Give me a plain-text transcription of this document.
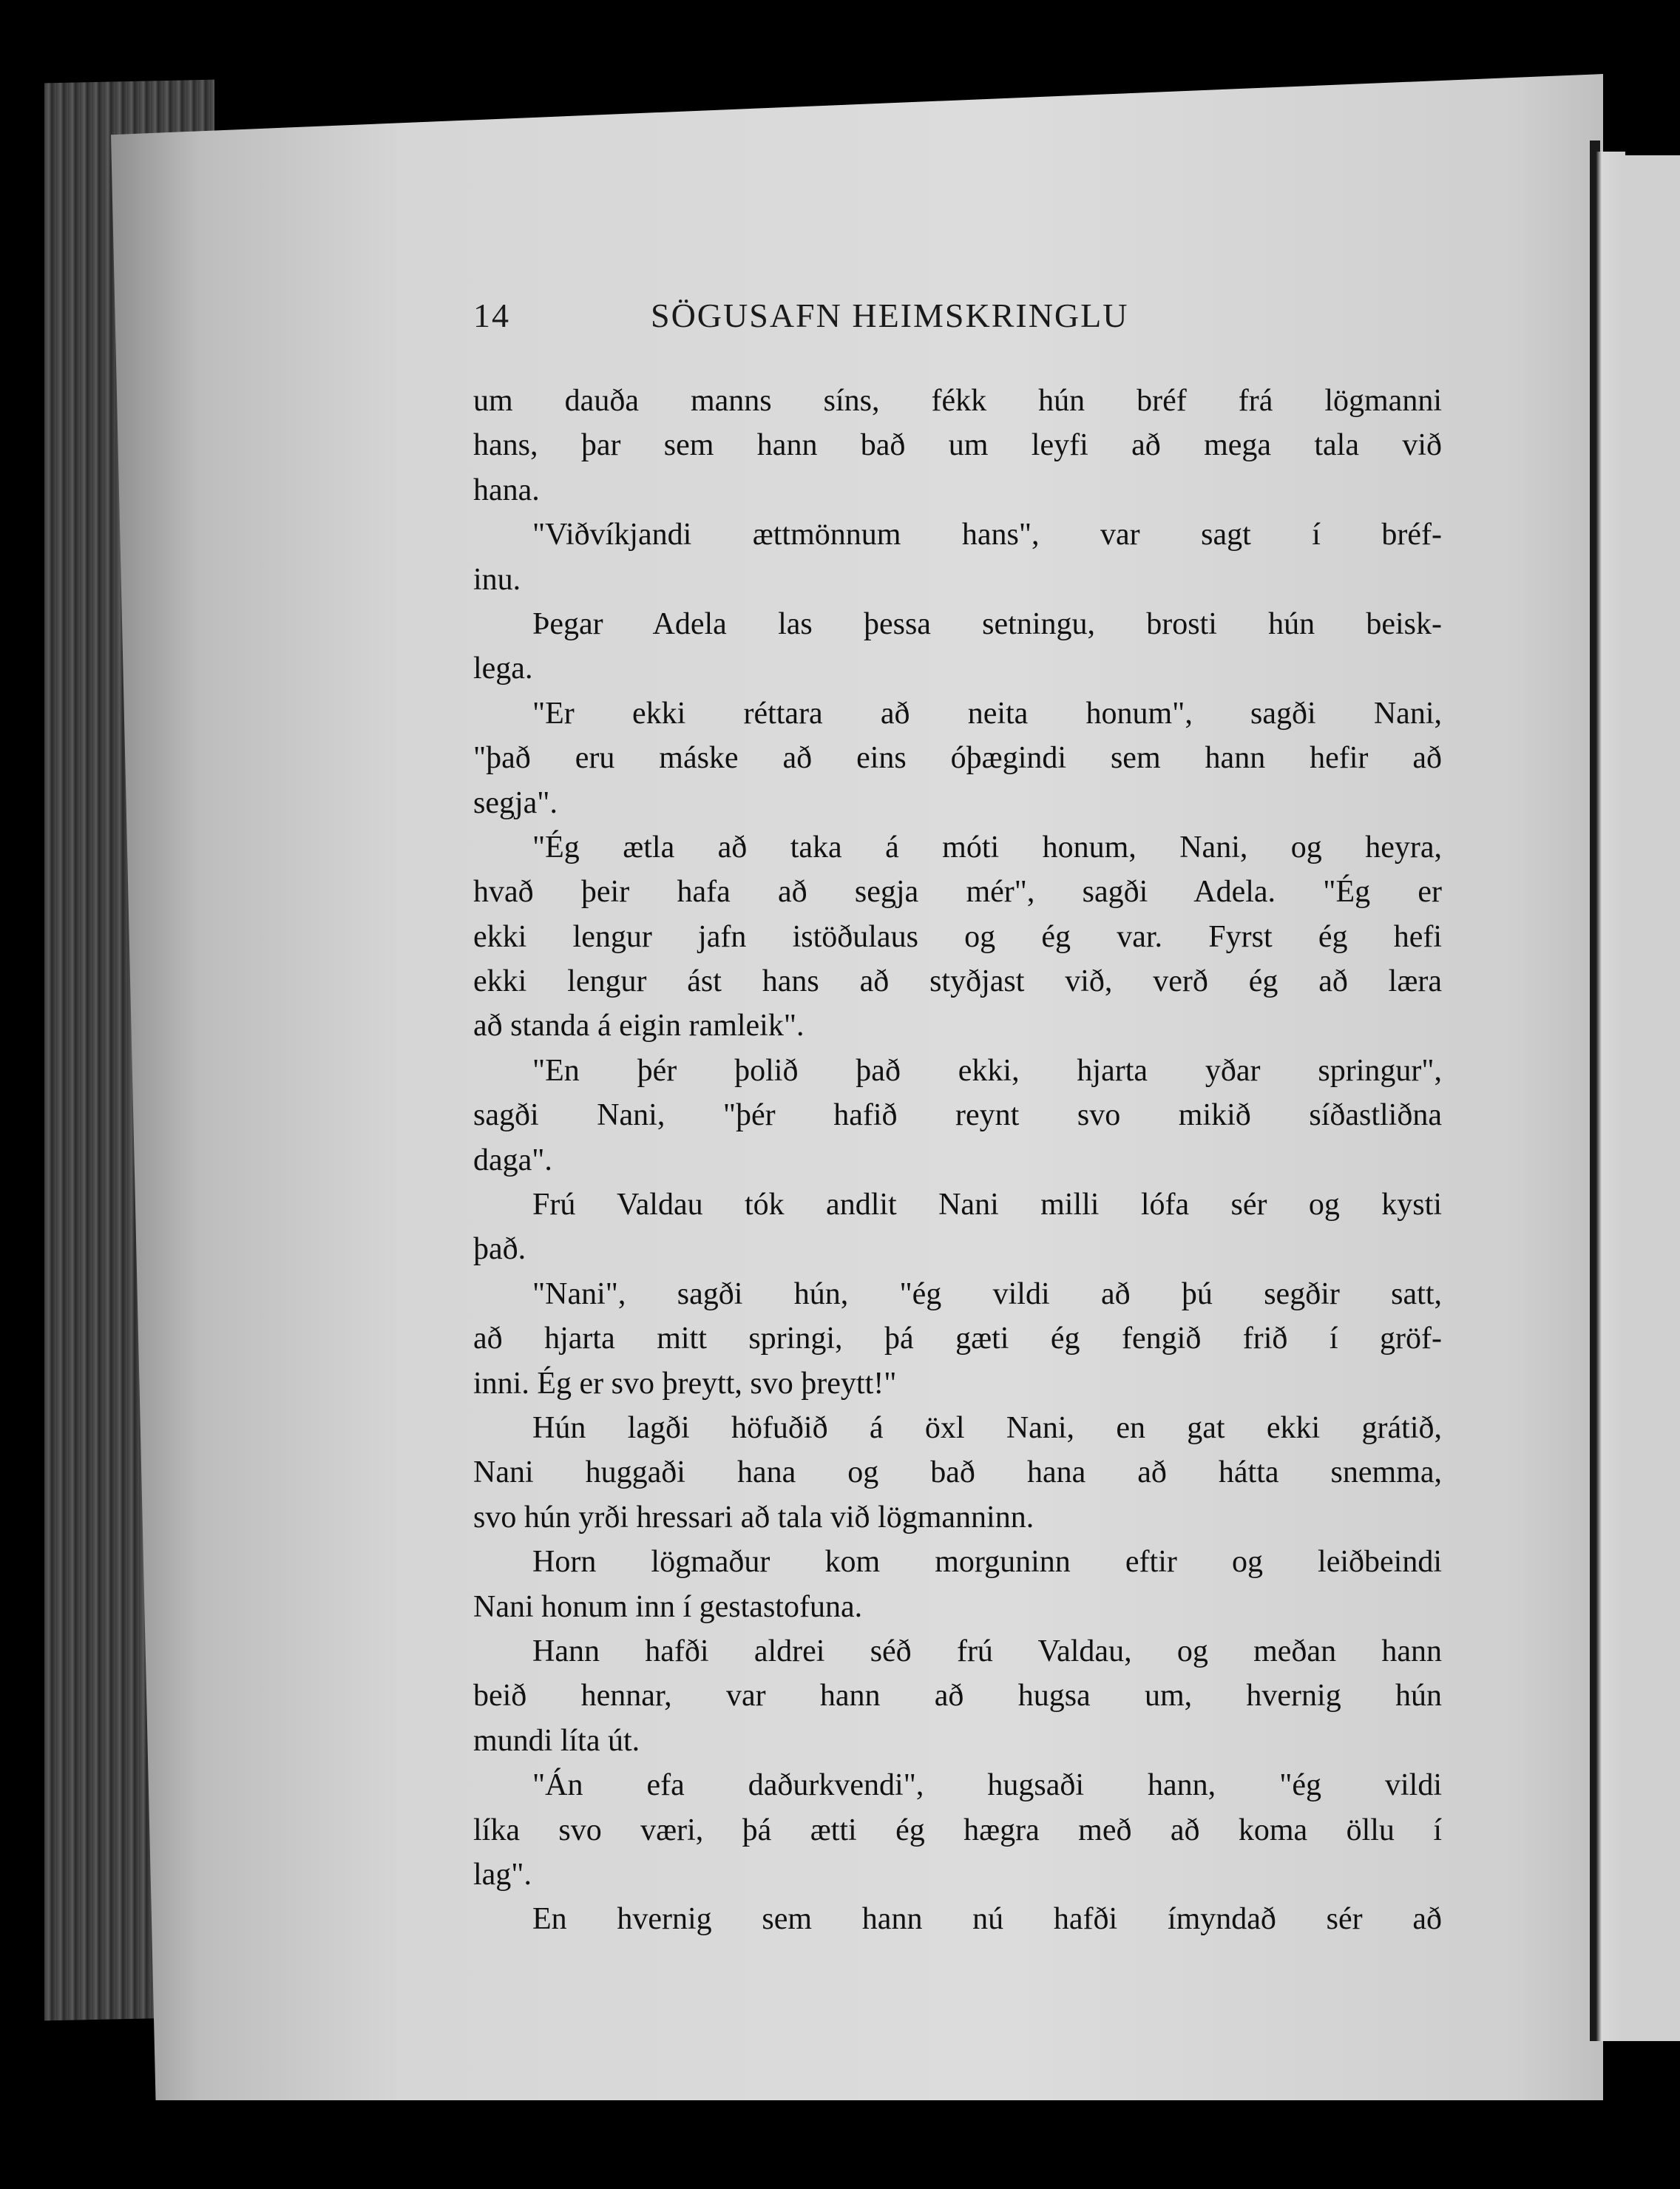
14	SÖGUSAFN HEIMSKRINGLU
um dauða manns síns, fékk hún bréf frá lögmanni
hans, þar sem hann bað um leyfi að mega tala við
hana.
"Viðvíkjandi ættmönnum hans", var sagt í bréf-
inu.
Þegar Adela las þessa setningu, brosti hún beisk-
lega.
"Er ekki réttara að neita honum", sagði Nani,
"það eru máske að eins óþægindi sem hann hefir að
segja".
"Ég ætla að taka á móti honum, Nani, og heyra,
hvað þeir hafa að segja mér", sagði Adela. "Ég er
ekki lengur jafn istöðulaus og ég var. Fyrst ég hefi
ekki lengur ást hans að styðjast við, verð ég að læra
að standa á eigin ramleik".
"En þér þolið það ekki, hjarta yðar springur",
sagði Nani, "þér hafið reynt svo mikið síðastliðna
daga".
Frú Valdau tók andlit Nani milli lófa sér og kysti
það.
"Nani", sagði hún, "ég vildi að þú segðir satt,
að hjarta mitt springi, þá gæti ég fengið frið í gröf-
inni. Ég er svo þreytt, svo þreytt!"
Hún lagði höfuðið á öxl Nani, en gat ekki grátið,
Nani huggaði hana og bað hana að hátta snemma,
svo hún yrði hressari að tala við lögmanninn.
Horn lögmaður kom morguninn eftir og leiðbeindi
Nani honum inn í gestastofuna.
Hann hafði aldrei séð frú Valdau, og meðan hann
beið hennar, var hann að hugsa um, hvernig hún
mundi líta út.
"Án efa daðurkvendi", hugsaði hann, "ég vildi
líka svo væri, þá ætti ég hægra með að koma öllu í
lag".
En hvernig sem hann nú hafði ímyndað sér að
